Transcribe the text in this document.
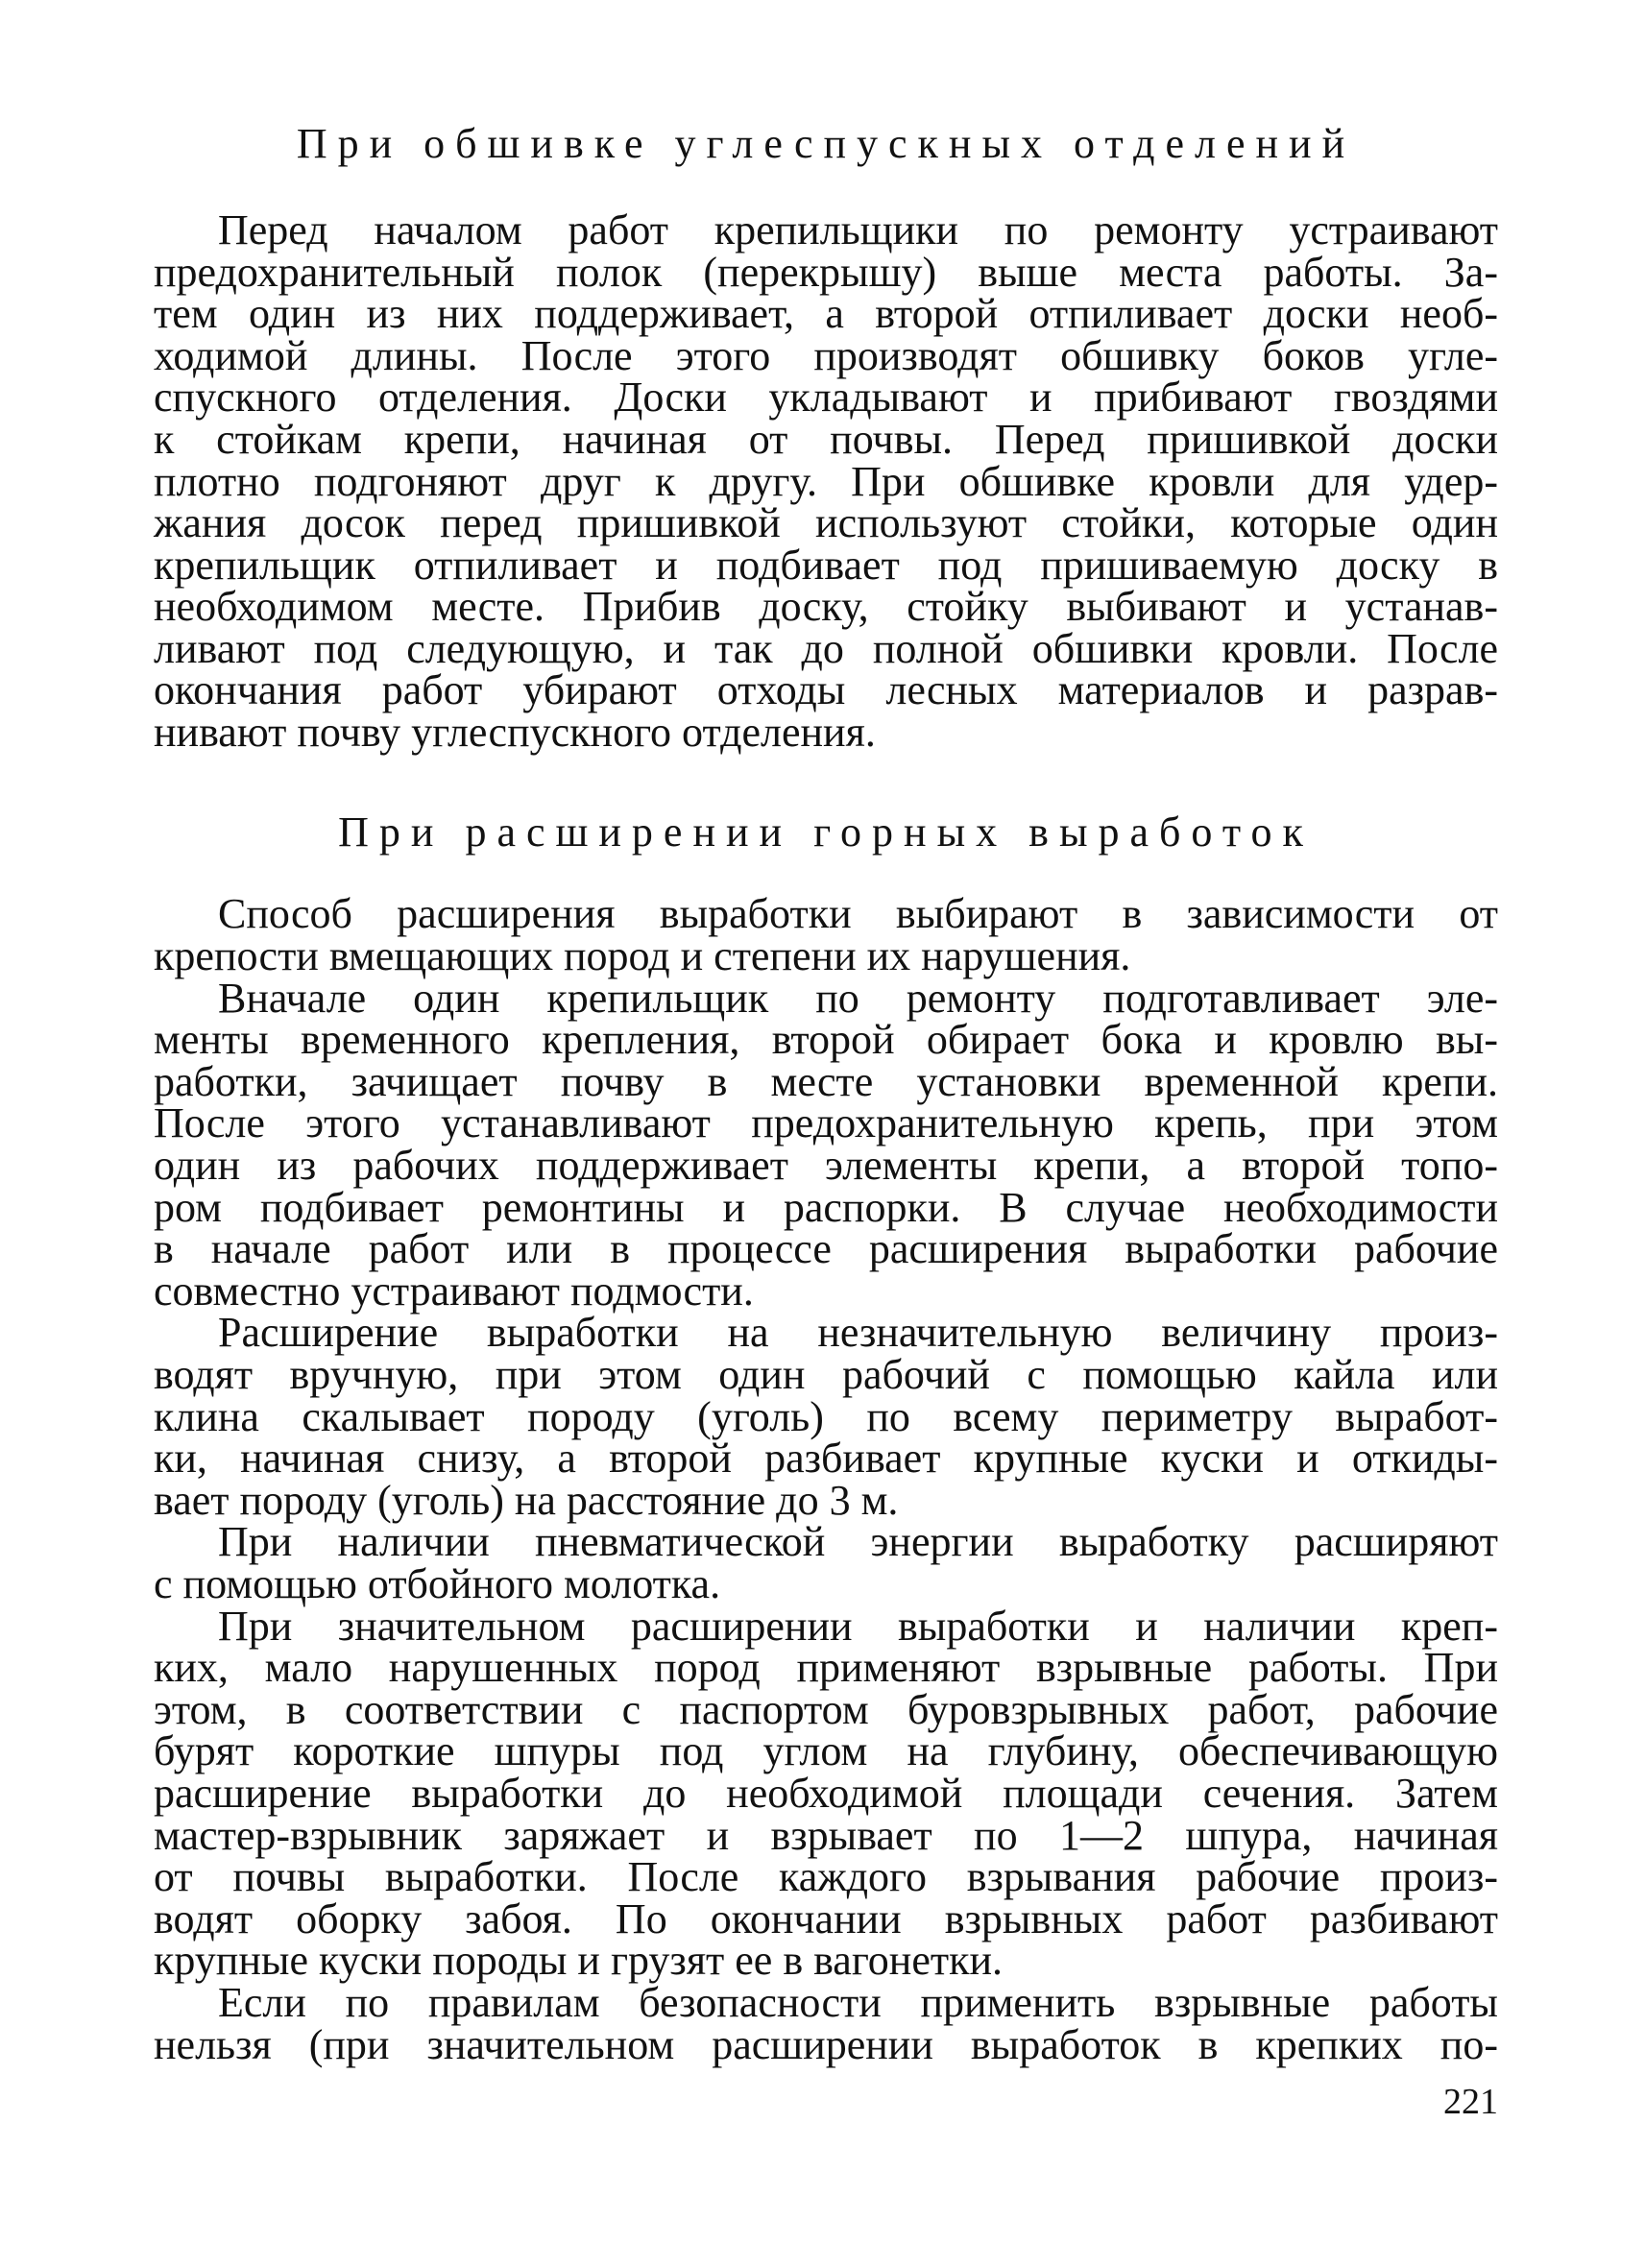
При обшивке углеспускных отделений
Перед началом работ крепильщики по ремонту устраивают
предохранительный полок (перекрышу) выше места работы. За-
тем один из них поддерживает, а второй отпиливает доски необ-
ходимой длины. После этого производят обшивку боков угле-
спускного отделения. Доски укладывают и прибивают гвоздями
к стойкам крепи, начиная от почвы. Перед пришивкой доски
плотно подгоняют друг к другу. При обшивке кровли для удер-
жания досок перед пришивкой используют стойки, которые один
крепильщик отпиливает и подбивает под пришиваемую доску в
необходимом месте. Прибив доску, стойку выбивают и устанав-
ливают под следующую, и так до полной обшивки кровли. После
окончания работ убирают отходы лесных материалов и разрав-
нивают почву углеспускного отделения.
При расширении горных выработок
Способ расширения выработки выбирают в зависимости от
крепости вмещающих пород и степени их нарушения.
Вначале один крепильщик по ремонту подготавливает эле-
менты временного крепления, второй обирает бока и кровлю вы-
работки, зачищает почву в месте установки временной крепи.
После этого устанавливают предохранительную крепь, при этом
один из рабочих поддерживает элементы крепи, а второй топо-
ром подбивает ремонтины и распорки. В случае необходимости
в начале работ или в процессе расширения выработки рабочие
совместно устраивают подмости.
Расширение выработки на незначительную величину произ-
водят вручную, при этом один рабочий с помощью кайла или
клина скалывает породу (уголь) по всему периметру выработ-
ки, начиная снизу, а второй разбивает крупные куски и откиды-
вает породу (уголь) на расстояние до 3 м.
При наличии пневматической энергии выработку расширяют
с помощью отбойного молотка.
При значительном расширении выработки и наличии креп-
ких, мало нарушенных пород применяют взрывные работы. При
этом, в соответствии с паспортом буровзрывных работ, рабочие
бурят короткие шпуры под углом на глубину, обеспечивающую
расширение выработки до необходимой площади сечения. Затем
мастер-взрывник заряжает и взрывает по 1—2 шпура, начиная
от почвы выработки. После каждого взрывания рабочие произ-
водят оборку забоя. По окончании взрывных работ разбивают
крупные куски породы и грузят ее в вагонетки.
Если по правилам безопасности применить взрывные работы
нельзя (при значительном расширении выработок в крепких по-
221
